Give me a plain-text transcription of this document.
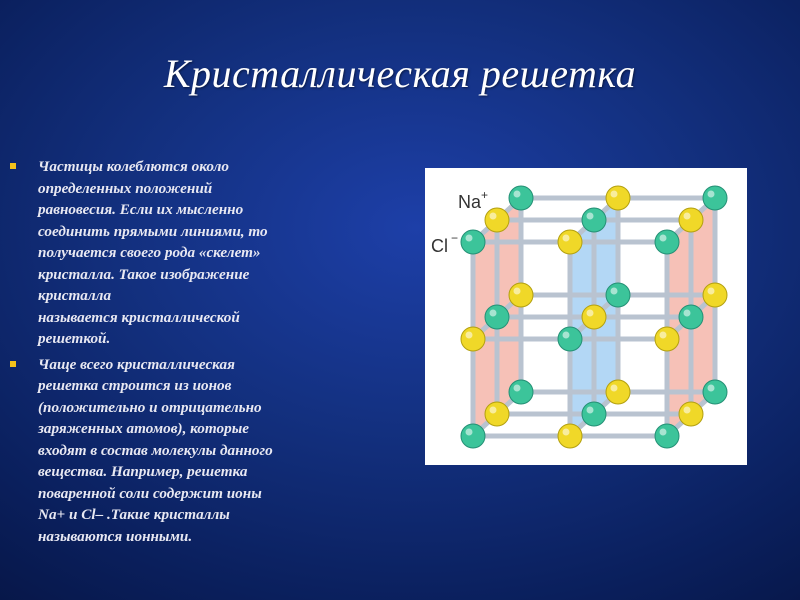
Кристаллическая решетка

Частицы колеблются около
определенных положений
равновесия. Если их мысленно
соединить прямыми линиями, то
получается своего рода «скелет»
кристалла. Такое изображение
кристалла
называется кристаллической
решеткой.

Чаще всего кристаллическая
решетка строится из ионов
(положительно и отрицательно
заряженных атомов), которые
входят в состав молекулы данного
вещества. Например, решетка
поваренной соли содержит ионы
Na+ и Cl– .Такие кристаллы
называются ионными.

Na +
Cl −
